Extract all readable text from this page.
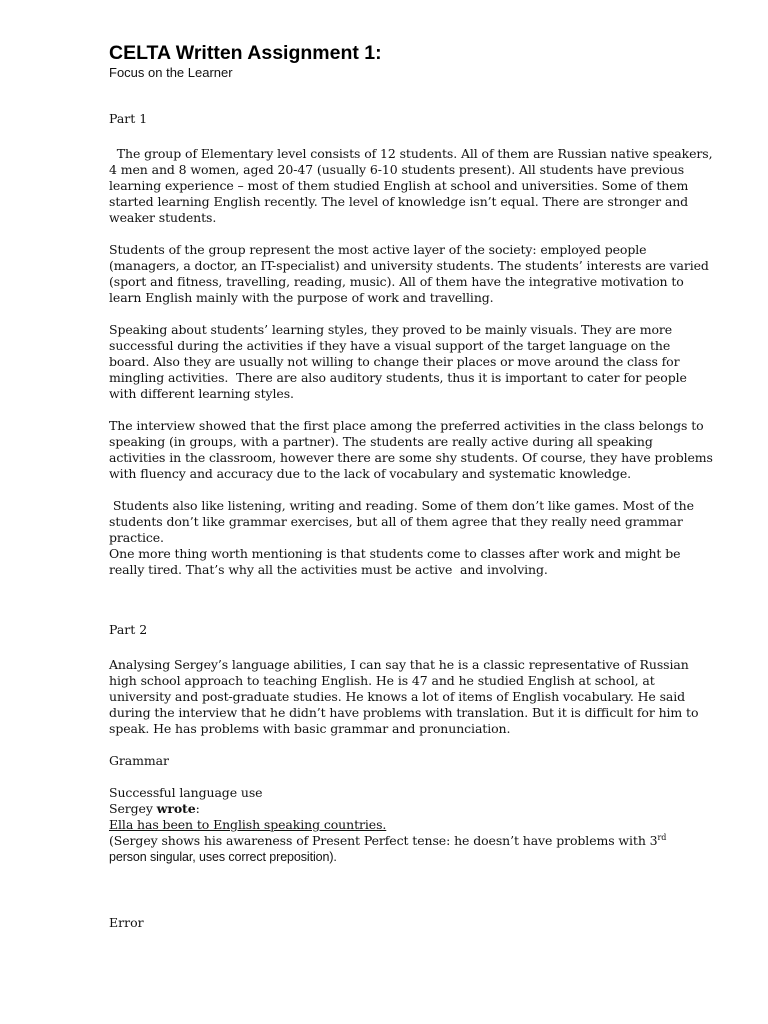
CELTA Written Assignment 1:
Focus on the Learner
Part 1

The group of Elementary level consists of 12 students. All of them are Russian native speakers, 4 men and 8 women, aged 20-47 (usually 6-10 students present). All students have previous learning experience – most of them studied English at school and universities. Some of them started learning English recently. The level of knowledge isn’t equal. There are stronger and weaker students.

Students of the group represent the most active layer of the society: employed people (managers, a doctor, an IT-specialist) and university students. The students’ interests are varied (sport and fitness, travelling, reading, music). All of them have the integrative motivation to learn English mainly with the purpose of work and travelling.

Speaking about students’ learning styles, they proved to be mainly visuals. They are more successful during the activities if they have a visual support of the target language on the board. Also they are usually not willing to change their places or move around the class for mingling activities.  There are also auditory students, thus it is important to cater for people with different learning styles.

The interview showed that the first place among the preferred activities in the class belongs to speaking (in groups, with a partner). The students are really active during all speaking activities in the classroom, however there are some shy students. Of course, they have problems with fluency and accuracy due to the lack of vocabulary and systematic knowledge.

Students also like listening, writing and reading. Some of them don’t like games. Most of the students don’t like grammar exercises, but all of them agree that they really need grammar practice.

One more thing worth mentioning is that students come to classes after work and might be really tired. That’s why all the activities must be active  and involving.

Part 2

Analysing Sergey’s language abilities, I can say that he is a classic representative of Russian high school approach to teaching English. He is 47 and he studied English at school, at university and post-graduate studies. He knows a lot of items of English vocabulary. He said during the interview that he didn’t have problems with translation. But it is difficult for him to speak. He has problems with basic grammar and pronunciation.

Grammar

Successful language use
Sergey wrote:
Ella has been to English speaking countries.
(Sergey shows his awareness of Present Perfect tense: he doesn’t have problems with 3rd
person singular, uses correct preposition).

Error
